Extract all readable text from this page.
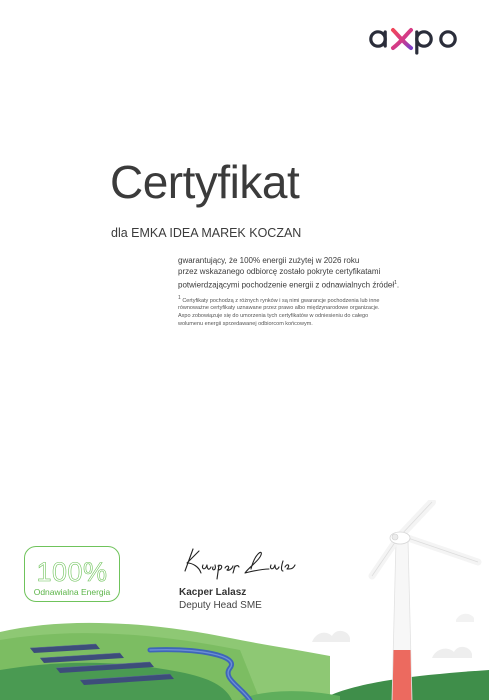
Certyfikat
dla EMKA IDEA MAREK KOCZAN
gwarantujący, że 100% energii zużytej w 2026 roku
przez wskazanego odbiorcę zostało pokryte certyfikatami
potwierdzającymi pochodzenie energii z odnawialnych źródeł$^1$.
$^1$ Certyfikaty pochodzą z różnych rynków i są nimi gwarancje pochodzenia lub inne
równoważne certyfikaty uznawane przez prawo albo międzynarodowe organizacje.
Axpo zobowiązuje się do umorzenia tych certyfikatów w odniesieniu do całego
wolumenu energii sprzedawanej odbiorcom końcowym.
100%
Odnawialna Energia	Kacper Lalasz
Deputy Head SME
